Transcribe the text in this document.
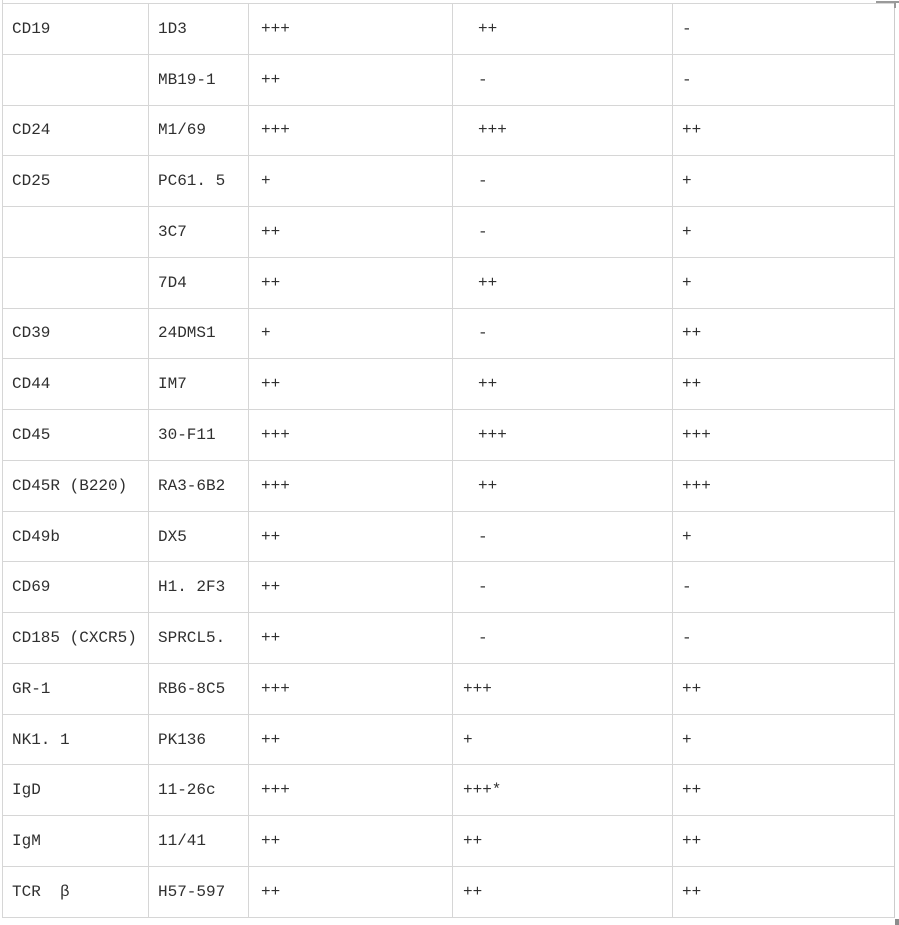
CD19	1D3	+++	++	-
	MB19-1	++	-	-
CD24	M1/69	+++	+++	++
CD25	PC61. 5	+	-	+
	3C7	++	-	+
	7D4	++	++	+
CD39	24DMS1	+	-	++
CD44	IM7	++	++	++
CD45	30-F11	+++	+++	+++
CD45R (B220)	RA3-6B2	+++	++	+++
CD49b	DX5	++	-	+
CD69	H1. 2F3	++	-	-
CD185 (CXCR5)	SPRCL5.	++	-	-
GR-1	RB6-8C5	+++	+++	++
NK1. 1	PK136	++	+	+
IgD	11-26c	+++	+++*	++
IgM	11/41	++	++	++
TCR  β	H57-597	++	++	++
